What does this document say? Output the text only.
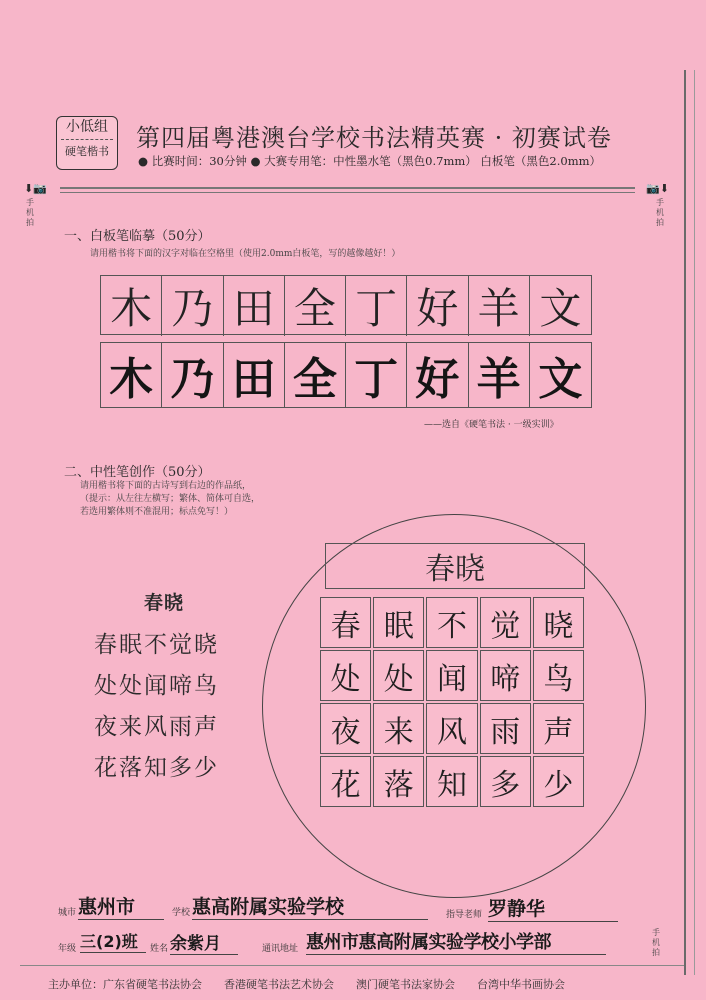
小低组
硬笔楷书 第四届粤港澳台学校书法精英赛 · 初赛试卷
● 比赛时间：30分钟 ● 大赛专用笔：中性墨水笔（黑色0.7mm） 白板笔（黑色2.0mm）
⬇📷
手机拍
📷⬇
手机拍
一、白板笔临摹（50分）
请用楷书将下面的汉字对临在空格里（使用2.0mm白板笔，写的越像越好！）
木 乃 田 全 丁 好 羊 文
木 乃 田 全 丁 好 羊 文
——选自《硬笔书法 · 一级实训》
二、中性笔创作（50分）
请用楷书将下面的古诗写到右边的作品纸，
（提示：从左往左横写；繁体、简体可自选，
若选用繁体则不准混用；标点免写！）
春晓
春眠不觉晓
处处闻啼鸟
夜来风雨声
花落知多少
春晓
春 眠 不 觉 晓
处 处 闻 啼 鸟
夜 来 风 雨 声
花 落 知 多 少
城市 惠州市	学校 惠高附属实验学校	指导老师 罗静华
年级 三(2)班	姓名 余紫月	通讯地址 惠州市惠高附属实验学校小学部	手机拍
主办单位：广东省硬笔书法协会　　香港硬笔书法艺术协会　　澳门硬笔书法家协会　　台湾中华书画协会
